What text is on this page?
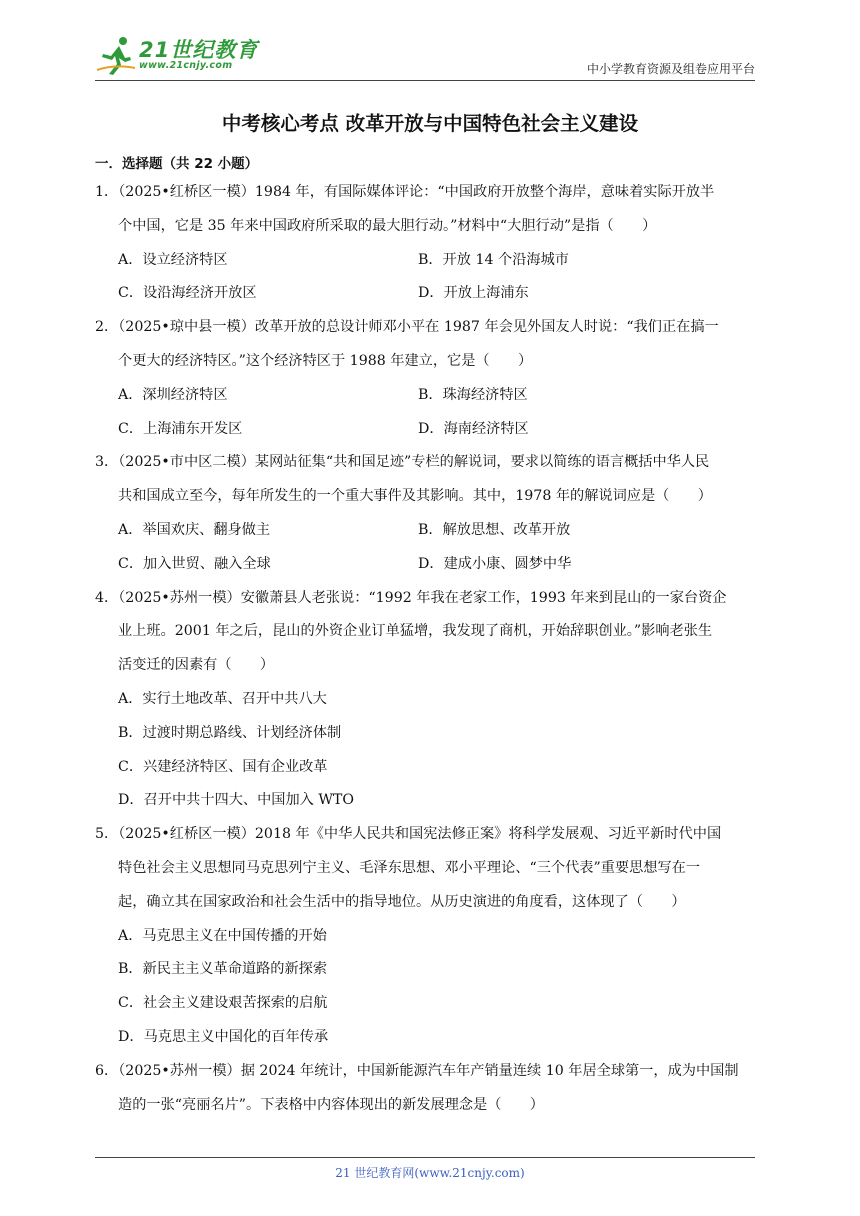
21世纪教育
www.21cnjy.com	中小学教育资源及组卷应用平台
中考核心考点 改革开放与中国特色社会主义建设
一．选择题（共 22 小题）
1．（2025•红桥区一模）1984 年，有国际媒体评论：“中国政府开放整个海岸，意味着实际开放半
个中国，它是 35 年来中国政府所采取的最大胆行动。”材料中“大胆行动”是指（　　）
A．设立经济特区	B．开放 14 个沿海城市
C．设沿海经济开放区	D．开放上海浦东
2．（2025•琼中县一模）改革开放的总设计师邓小平在 1987 年会见外国友人时说：“我们正在搞一
个更大的经济特区。”这个经济特区于 1988 年建立，它是（　　）
A．深圳经济特区	B．珠海经济特区
C．上海浦东开发区	D．海南经济特区
3．（2025•市中区二模）某网站征集“共和国足迹”专栏的解说词，要求以简练的语言概括中华人民
共和国成立至今，每年所发生的一个重大事件及其影响。其中，1978 年的解说词应是（　　）
A．举国欢庆、翻身做主	B．解放思想、改革开放
C．加入世贸、融入全球	D．建成小康、圆梦中华
4．（2025•苏州一模）安徽萧县人老张说：“1992 年我在老家工作，1993 年来到昆山的一家台资企
业上班。2001 年之后，昆山的外资企业订单猛增，我发现了商机，开始辞职创业。”影响老张生
活变迁的因素有（　　）
A．实行土地改革、召开中共八大
B．过渡时期总路线、计划经济体制
C．兴建经济特区、国有企业改革
D．召开中共十四大、中国加入 WTO
5．（2025•红桥区一模）2018 年《中华人民共和国宪法修正案》将科学发展观、习近平新时代中国
特色社会主义思想同马克思列宁主义、毛泽东思想、邓小平理论、“三个代表”重要思想写在一
起，确立其在国家政治和社会生活中的指导地位。从历史演进的角度看，这体现了（　　）
A．马克思主义在中国传播的开始
B．新民主主义革命道路的新探索
C．社会主义建设艰苦探索的启航
D．马克思主义中国化的百年传承
6．（2025•苏州一模）据 2024 年统计，中国新能源汽车年产销量连续 10 年居全球第一，成为中国制
造的一张“亮丽名片”。下表格中内容体现出的新发展理念是（　　）
21 世纪教育网(www.21cnjy.com)
